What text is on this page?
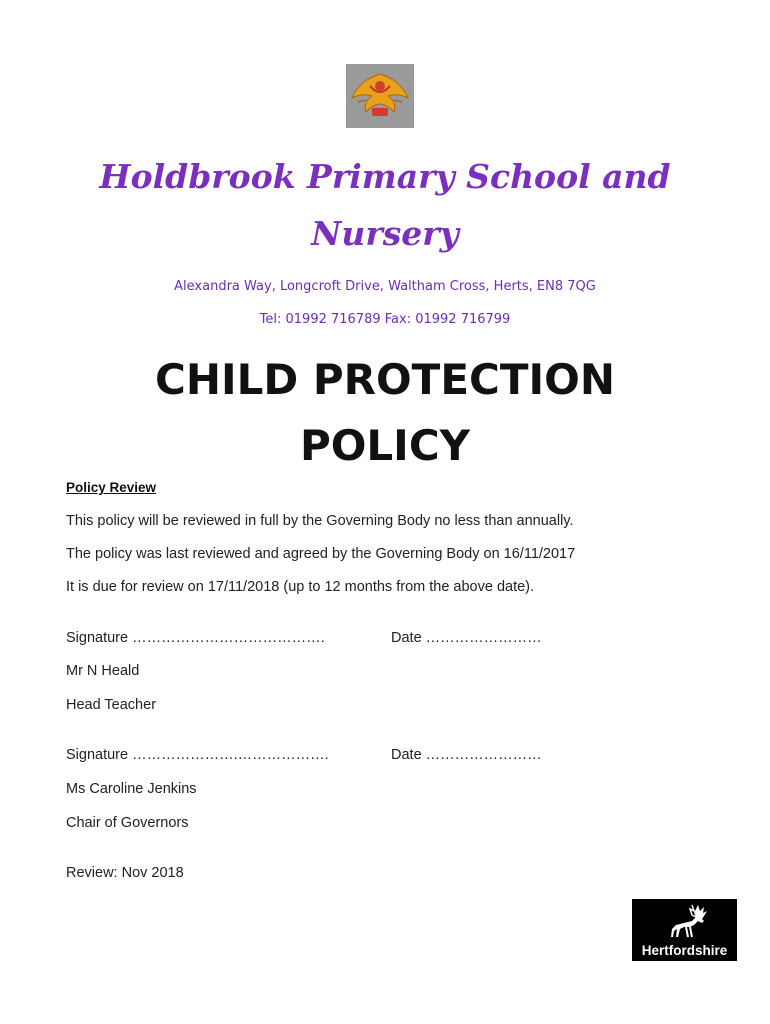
Holdbrook Primary School and
Nursery
Alexandra Way, Longcroft Drive, Waltham Cross, Herts, EN8 7QG
Tel: 01992 716789 Fax: 01992 716799
CHILD PROTECTION
POLICY
Policy Review
This policy will be reviewed in full by the Governing Body no less than annually.
The policy was last reviewed and agreed by the Governing Body on 16/11/2017
It is due for review on 17/11/2018 (up to 12 months from the above date).
Signature ………………………………….	Date ……………………
Mr N Heald
Head Teacher
Signature ………………….……………….	Date ……………………
Ms Caroline Jenkins
Chair of Governors
Review: Nov 2018
Hertfordshire
